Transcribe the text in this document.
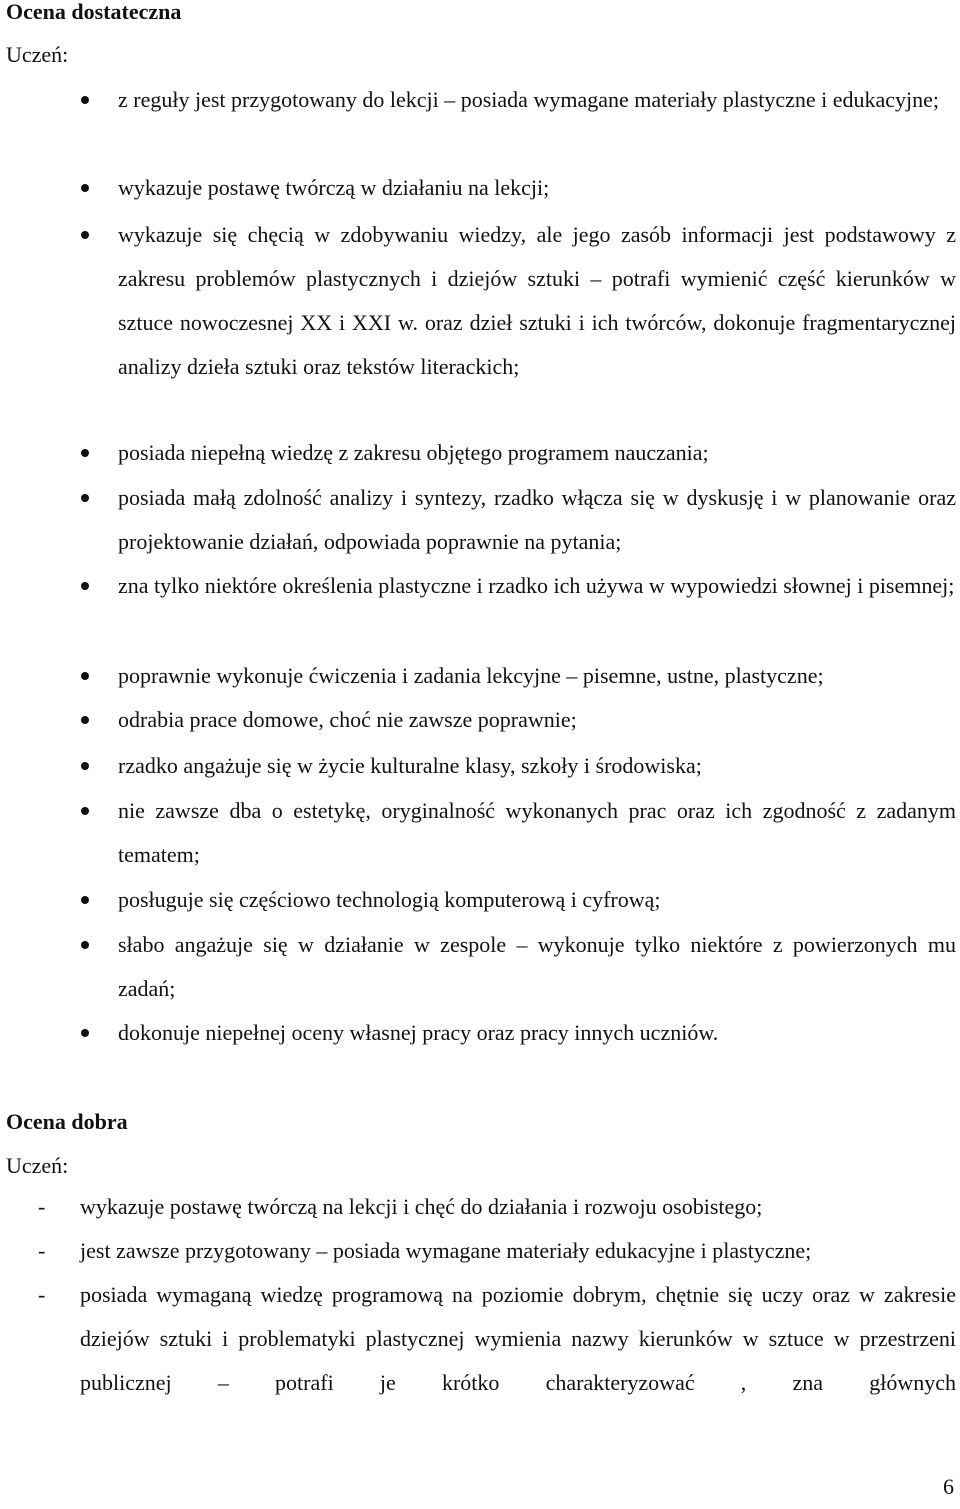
Ocena dostateczna
Uczeń:
z reguły jest przygotowany do lekcji – posiada wymagane materiały plastyczne i edukacyjne;
wykazuje postawę twórczą w działaniu na lekcji;
wykazuje się chęcią w zdobywaniu wiedzy, ale jego zasób informacji jest podstawowy z zakresu problemów plastycznych i dziejów sztuki – potrafi wymienić część kierunków w sztuce nowoczesnej XX i XXI w. oraz dzieł sztuki i ich twórców, dokonuje fragmentarycznej analizy dzieła sztuki oraz tekstów literackich;
posiada niepełną wiedzę z zakresu objętego programem nauczania;
posiada małą zdolność analizy i syntezy, rzadko włącza się w dyskusję i w planowanie oraz projektowanie działań, odpowiada poprawnie na pytania;
zna tylko niektóre określenia plastyczne i rzadko ich używa w wypowiedzi słownej i pisemnej;
poprawnie wykonuje ćwiczenia i zadania lekcyjne – pisemne, ustne, plastyczne;
odrabia prace domowe, choć nie zawsze poprawnie;
rzadko angażuje się w życie kulturalne klasy, szkoły i środowiska;
nie zawsze dba o estetykę, oryginalność wykonanych prac oraz ich zgodność z zadanym tematem;
posługuje się częściowo technologią komputerową i cyfrową;
słabo angażuje się w działanie w zespole – wykonuje tylko niektóre z powierzonych mu zadań;
dokonuje niepełnej oceny własnej pracy oraz pracy innych uczniów.
Ocena dobra
Uczeń:
- wykazuje postawę twórczą na lekcji i chęć do działania i rozwoju osobistego;
- jest zawsze przygotowany – posiada wymagane materiały edukacyjne i plastyczne;
- posiada wymaganą wiedzę programową na poziomie dobrym, chętnie się uczy oraz w zakresie dziejów sztuki i problematyki plastycznej wymienia nazwy kierunków w sztuce w przestrzeni publicznej – potrafi je krótko charakteryzować , zna głównych
6
